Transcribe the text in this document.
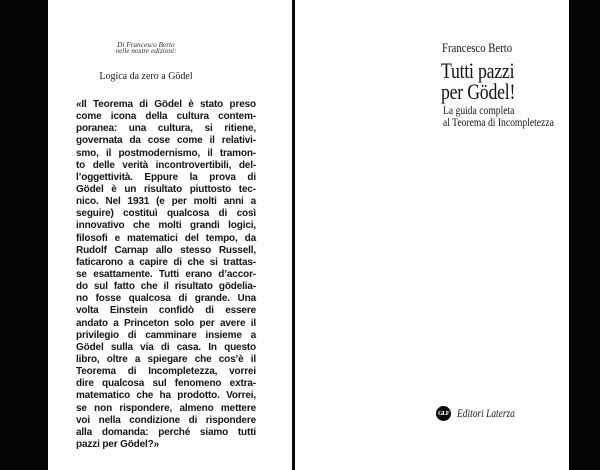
Di Francesco Berto
nelle nostre edizioni:
Logica da zero a Gödel
«Il Teorema di Gödel è stato preso
come icona della cultura contem-
poranea: una cultura, si ritiene,
governata da cose come il relativi-
smo, il postmodernismo, il tramon-
to delle verità incontrovertibili, del-
l’oggettività. Eppure la prova di
Gödel è un risultato piuttosto tec-
nico. Nel 1931 (e per molti anni a
seguire) costituì qualcosa di così
innovativo che molti grandi logici,
filosofi e matematici del tempo, da
Rudolf Carnap allo stesso Russell,
faticarono a capire di che si trattas-
se esattamente. Tutti erano d’accor-
do sul fatto che il risultato gödelia-
no fosse qualcosa di grande. Una
volta Einstein confidò di essere
andato a Princeton solo per avere il
privilegio di camminare insieme a
Gödel sulla via di casa. In questo
libro, oltre a spiegare che cos’è il
Teorema di Incompletezza, vorrei
dire qualcosa sul fenomeno extra-
matematico che ha prodotto. Vorrei,
se non rispondere, almeno mettere
voi nella condizione di rispondere
alla domanda: perché siamo tutti
pazzi per Gödel?»
Francesco Berto
Tutti pazzi
per Gödel!
La guida completa
al Teorema di Incompletezza
GLF Editori Laterza
